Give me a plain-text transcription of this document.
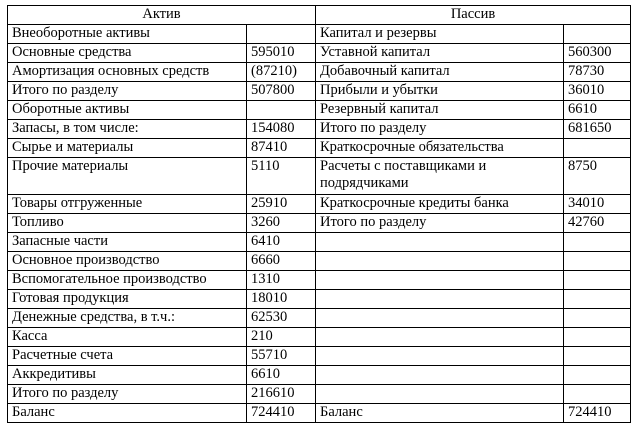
Актив		Пассив	
Внеоборотные активы		Капитал и резервы	
Основные средства	595010	Уставной капитал	560300
Амортизация основных средств	(87210)	Добавочный капитал	78730
Итого по разделу	507800	Прибыли и убытки	36010
Оборотные активы		Резервный капитал	6610
Запасы, в том числе:	154080	Итого по разделу	681650
Сырье и материалы	87410	Краткосрочные обязательства	
Прочие материалы	5110	Расчеты с поставщиками и подрядчиками	8750
Товары отгруженные	25910	Краткосрочные кредиты банка	34010
Топливо	3260	Итого по разделу	42760
Запасные части	6410		
Основное производство	6660		
Вспомогательное производство	1310		
Готовая продукция	18010		
Денежные средства, в т.ч.:	62530		
Касса	210		
Расчетные счета	55710		
Аккредитивы	6610		
Итого по разделу	216610		
Баланс	724410	Баланс	724410
